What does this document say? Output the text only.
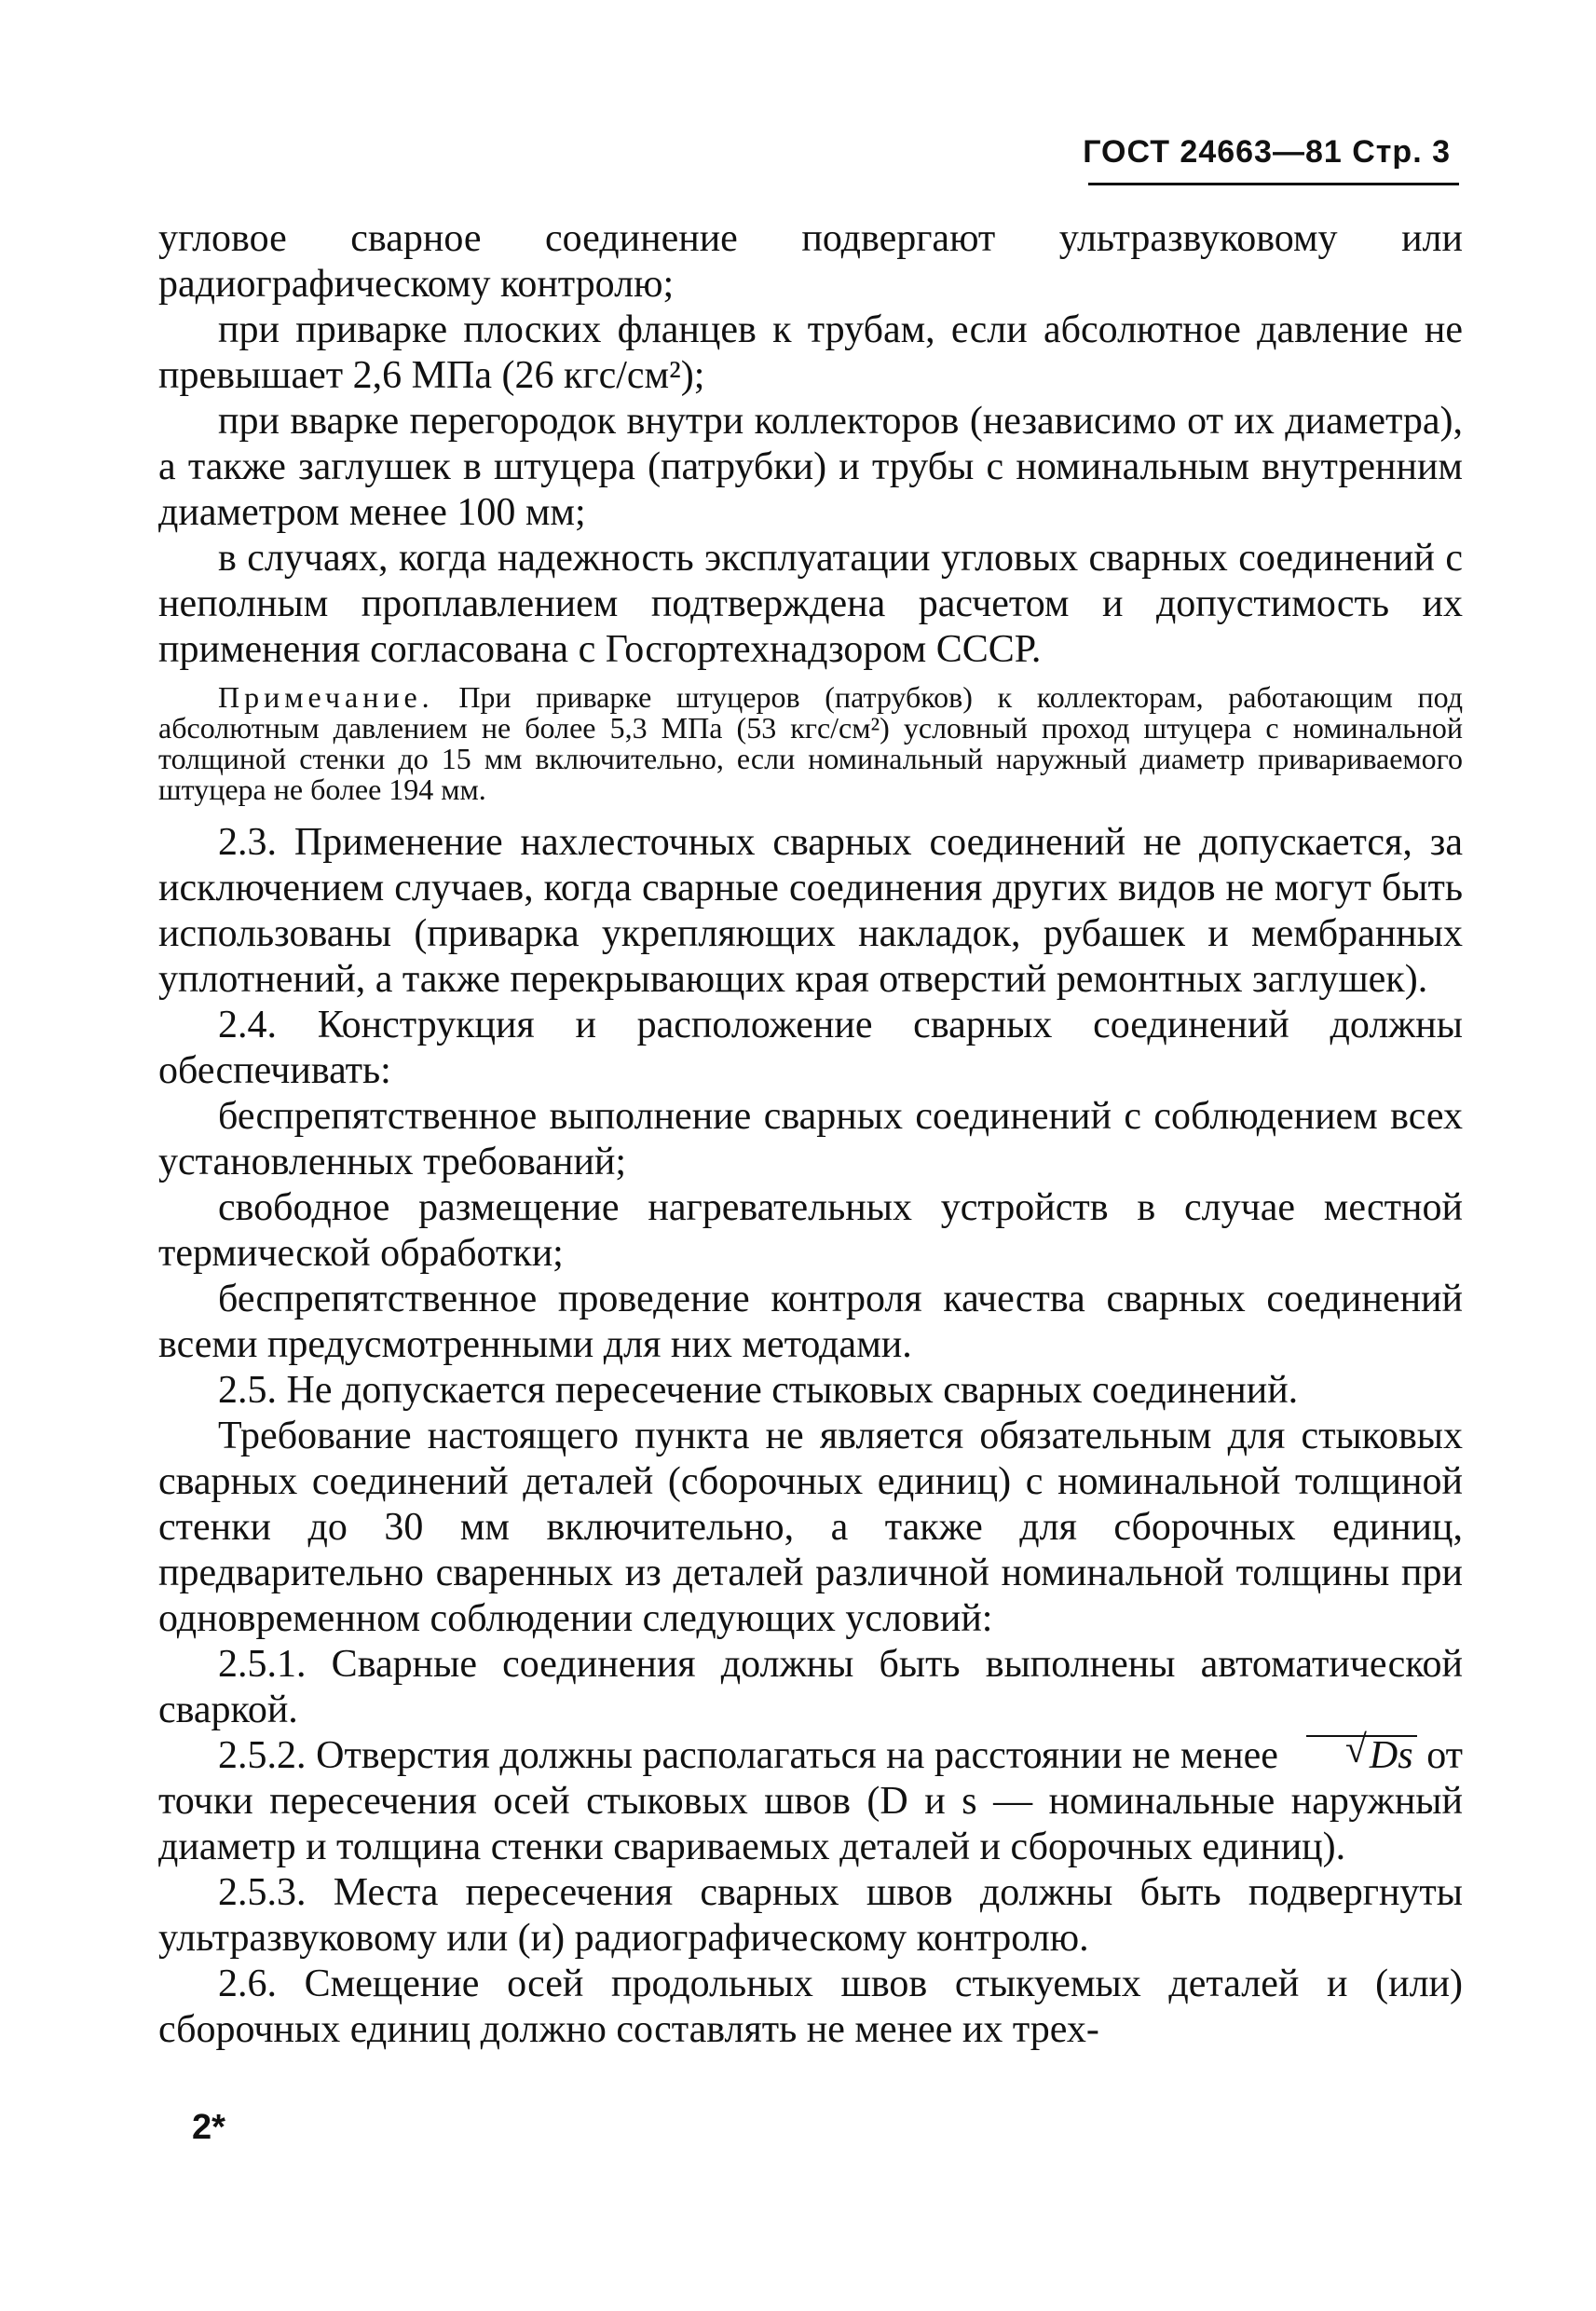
ГОСТ 24663—81 Стр. 3

угловое сварное соединение подвергают ультразвуковому или радиографическому контролю;

при приварке плоских фланцев к трубам, если абсолютное давление не превышает 2,6 МПа (26 кгс/см²);

при вварке перегородок внутри коллекторов (независимо от их диаметра), а также заглушек в штуцера (патрубки) и трубы с номинальным внутренним диаметром менее 100 мм;

в случаях, когда надежность эксплуатации угловых сварных соединений с неполным проплавлением подтверждена расчетом и допустимость их применения согласована с Госгортехнадзором СССР.

Примечание. При приварке штуцеров (патрубков) к коллекторам, работающим под абсолютным давлением не более 5,3 МПа (53 кгс/см²) условный проход штуцера с номинальной толщиной стенки до 15 мм включительно, если номинальный наружный диаметр привариваемого штуцера не более 194 мм.

2.3. Применение нахлесточных сварных соединений не допускается, за исключением случаев, когда сварные соединения других видов не могут быть использованы (приварка укрепляющих накладок, рубашек и мембранных уплотнений, а также перекрывающих края отверстий ремонтных заглушек).

2.4. Конструкция и расположение сварных соединений должны обеспечивать:

беспрепятственное выполнение сварных соединений с соблюдением всех установленных требований;

свободное размещение нагревательных устройств в случае местной термической обработки;

беспрепятственное проведение контроля качества сварных соединений всеми предусмотренными для них методами.

2.5. Не допускается пересечение стыковых сварных соединений.

Требование настоящего пункта не является обязательным для стыковых сварных соединений деталей (сборочных единиц) с номинальной толщиной стенки до 30 мм включительно, а также для сборочных единиц, предварительно сваренных из деталей различной номинальной толщины при одновременном соблюдении следующих условий:

2.5.1. Сварные соединения должны быть выполнены автоматической сваркой.

2.5.2. Отверстия должны располагаться на расстоянии не менее√ Ds от точки пересечения осей стыковых швов (D и s — номинальные наружный диаметр и толщина стенки свариваемых деталей и сборочных единиц).

2.5.3. Места пересечения сварных швов должны быть подвергнуты ультразвуковому или (и) радиографическому контролю.

2.6. Смещение осей продольных швов стыкуемых деталей и (или) сборочных единиц должно составлять не менее их трех-

2*
